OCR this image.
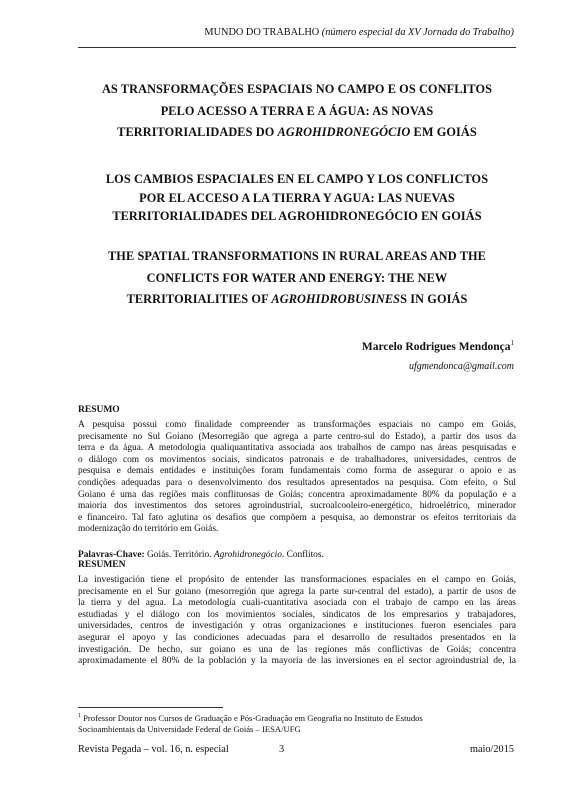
MUNDO DO TRABALHO (número especial da XV Jornada do Trabalho)
AS TRANSFORMAÇÕES ESPACIAIS NO CAMPO E OS CONFLITOS
PELO ACESSO A TERRA E A ÁGUA: AS NOVAS
TERRITORIALIDADES DO AGROHIDRONEGÓCIO EM GOIÁS
LOS CAMBIOS ESPACIALES EN EL CAMPO Y LOS CONFLICTOS
POR EL ACCESO A LA TIERRA Y AGUA: LAS NUEVAS
TERRITORIALIDADES DEL AGROHIDRONEGÓCIO EN GOIÁS
THE SPATIAL TRANSFORMATIONS IN RURAL AREAS AND THE
CONFLICTS FOR WATER AND ENERGY: THE NEW
TERRITORIALITIES OF AGROHIDROBUSINESS IN GOIÁS
Marcelo Rodrigues Mendonça$^1$
ufgmendonca@gmail.com
RESUMO
A pesquisa possui como finalidade compreender as transformações espaciais no campo em Goiás,
precisamente no Sul Goiano (Mesorregião que agrega a parte centro-sul do Estado), a partir dos usos da
terra e da água. A metodologia qualiquantitativa associada aos trabalhos de campo nas áreas pesquisadas e
o diálogo com os movimentos sociais, sindicatos patronais e de trabalhadores, universidades, centros de
pesquisa e demais entidades e instituições foram fundamentais como forma de assegurar o apoio e as
condições adequadas para o desenvolvimento dos resultados apresentados na pesquisa. Com efeito, o Sul
Goiano é uma das regiões mais conflituosas de Goiás; concentra aproximadamente 80% da população e a
maioria dos investimentos dos setores agroindustrial, sucroalcooleiro-energético, hidroelétrico, minerador
e financeiro. Tal fato aglutina os desafios que compõem a pesquisa, ao demonstrar os efeitos territoriais da
modernização do território em Goiás.
Palavras-Chave: Goiás. Território. Agrohidronegócio. Conflitos.
RESUMEN
La investigación tiene el propósito de entender las transformaciones espaciales en el campo en Goiás,
precisamente en el Sur goiano (mesorregión que agrega la parte sur-central del estado), a partir de usos de
la tierra y del agua. La metodología cuali-cuantitativa asociada con el trabajo de campo en las áreas
estudiadas y el diálogo con los movimientos sociales, sindicatos de los empresarios y trabajadores,
universidades, centros de investigación y otras organizaciones e instituciones fueron esenciales para
asegurar el apoyo y las condiciones adecuadas para el desarrollo de resultados presentados en la
investigación. De hecho, sur goiano es una de las regiones más conflictivas de Goiás; concentra
aproximadamente el 80% de la población y la mayoría de las inversiones en el sector agroindustrial de, la
$^1$ Professor Doutor nos Cursos de Graduação e Pós-Graduação em Geografia no Instituto de Estudos
Socioambientais da Universidade Federal de Goiás – IESA/UFG
Revista Pegada – vol. 16, n. especial	3	maio/2015
